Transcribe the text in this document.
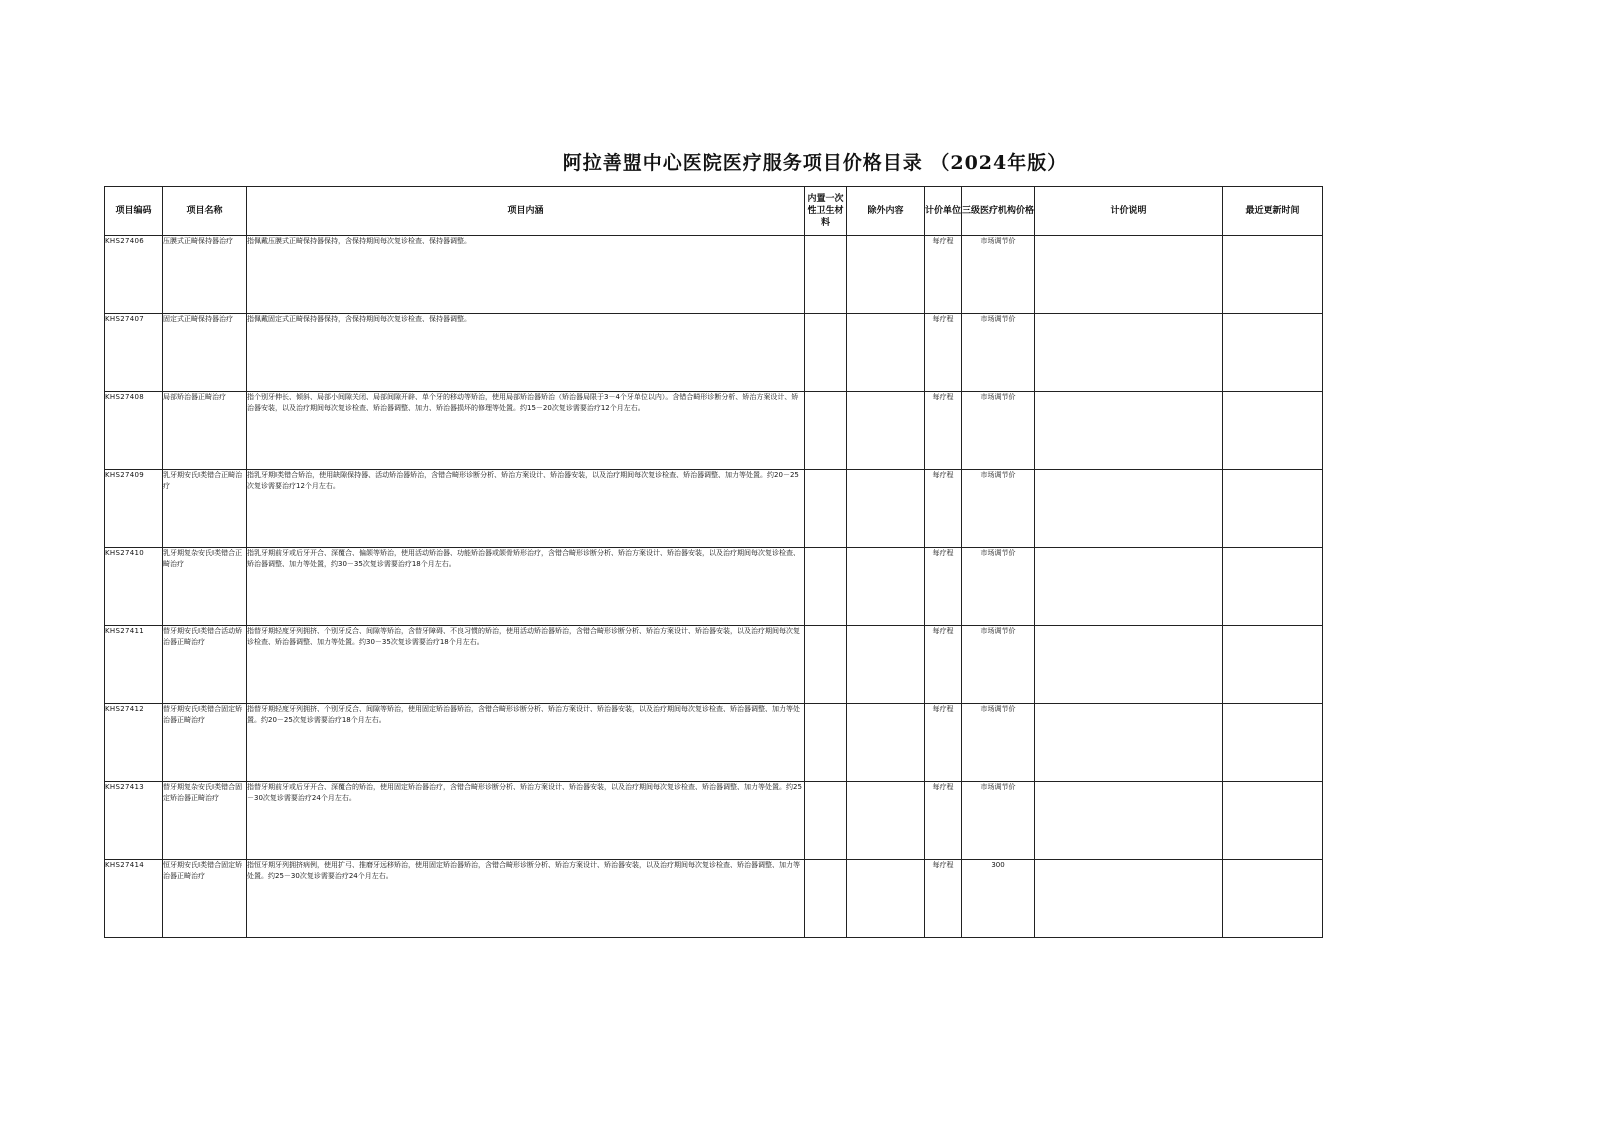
阿拉善盟中心医院医疗服务项目价格目录 （2024年版）
项目编码	项目名称	项目内涵	内置一次性卫生材料	除外内容	计价单位	三级医疗机构价格	计价说明	最近更新时间
KHS27406	压膜式正畸保持器治疗	指佩戴压膜式正畸保持器保持，含保持期间每次复诊检查、保持器调整。			每疗程	市场调节价		
KHS27407	固定式正畸保持器治疗	指佩戴固定式正畸保持器保持，含保持期间每次复诊检查、保持器调整。			每疗程	市场调节价		
KHS27408	局部矫治器正畸治疗	指个别牙伸长、倾斜、局部小间隙关闭、局部间隙开辟、单个牙的移动等矫治，使用局部矫治器矫治（矫治器局限于3－4个牙单位以内）。含错合畸形诊断分析、矫治方案设计、矫治器安装，以及治疗期间每次复诊检查、矫治器调整、加力、矫治器损坏的修理等处置。约15－20次复诊需要治疗12个月左右。			每疗程	市场调节价		
KHS27409	乳牙期安氏Ⅰ类错合正畸治疗	指乳牙期Ⅰ类错合矫治，使用缺隙保持器、活动矫治器矫治，含错合畸形诊断分析、矫治方案设计、矫治器安装，以及治疗期间每次复诊检查、矫治器调整、加力等处置。约20－25次复诊需要治疗12个月左右。			每疗程	市场调节价		
KHS27410	乳牙期复杂安氏Ⅰ类错合正畸治疗	指乳牙期前牙或后牙开合、深覆合、偏颌等矫治，使用活动矫治器、功能矫治器或颌骨矫形治疗，含错合畸形诊断分析、矫治方案设计、矫治器安装，以及治疗期间每次复诊检查、矫治器调整、加力等处置，约30－35次复诊需要治疗18个月左右。			每疗程	市场调节价		
KHS27411	替牙期安氏Ⅰ类错合活动矫治器正畸治疗	指替牙期轻度牙列拥挤、个别牙反合、间隙等矫治，含替牙障碍、不良习惯的矫治，使用活动矫治器矫治，含错合畸形诊断分析、矫治方案设计、矫治器安装，以及治疗期间每次复诊检查、矫治器调整、加力等处置。约30－35次复诊需要治疗18个月左右。			每疗程	市场调节价		
KHS27412	替牙期安氏Ⅰ类错合固定矫治器正畸治疗	指替牙期轻度牙列拥挤、个别牙反合、间隙等矫治，使用固定矫治器矫治，含错合畸形诊断分析、矫治方案设计、矫治器安装，以及治疗期间每次复诊检查、矫治器调整、加力等处置。约20－25次复诊需要治疗18个月左右。			每疗程	市场调节价		
KHS27413	替牙期复杂安氏Ⅰ类错合固定矫治器正畸治疗	指替牙期前牙或后牙开合、深覆合的矫治，使用固定矫治器治疗，含错合畸形诊断分析、矫治方案设计、矫治器安装，以及治疗期间每次复诊检查、矫治器调整、加力等处置。约25－30次复诊需要治疗24个月左右。			每疗程	市场调节价		
KHS27414	恒牙期安氏Ⅰ类错合固定矫治器正畸治疗	指恒牙期牙列拥挤病例，使用扩弓、推磨牙远移矫治，使用固定矫治器矫治，含错合畸形诊断分析、矫治方案设计、矫治器安装，以及治疗期间每次复诊检查、矫治器调整、加力等处置。约25－30次复诊需要治疗24个月左右。			每疗程	300		
